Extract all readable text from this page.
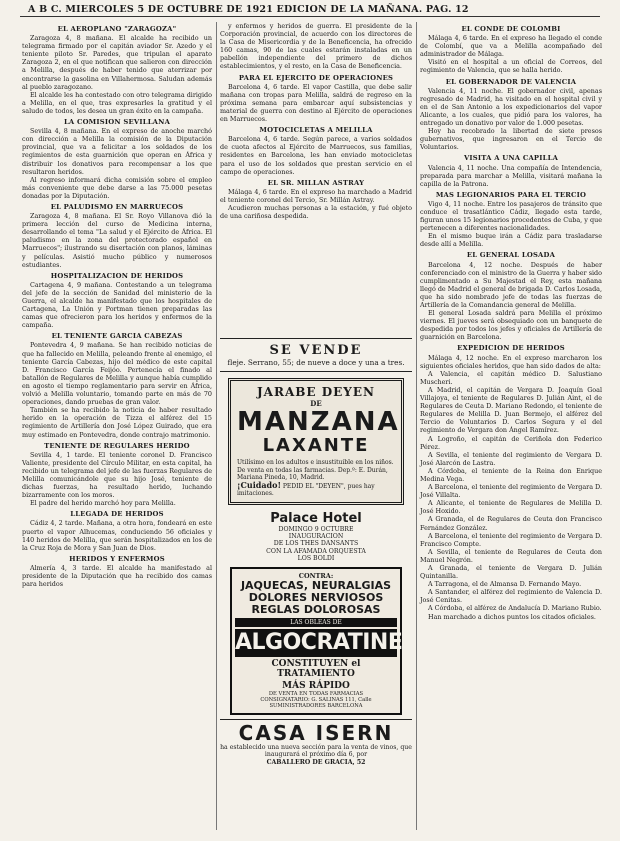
A B C. MIERCOLES 5 DE OCTUBRE DE 1921 EDICION DE LA MAÑANA. PAG. 12
EL AEROPLANO "ZARAGOZA"
Zaragoza 4, 8 mañana. El alcalde ha recibido un telegrama firmado por el capitán aviador Sr. Azedo y el teniente piloto Sr. Paredes, que tripulan el aparato Zaragoza 2, en el que notifican que salieron con dirección a Melilla, después de haber tenido que aterrizar por encontrarse la gasolina en Villahermosa. Saludan además al pueblo zaragozano.
El alcalde les ha contestado con otro telegrama dirigido a Melilla, en el que, tras expresarles la gratitud y el saludo de todos, les desea un gran éxito en la campaña.
LA COMISION SEVILLANA
Sevilla 4, 8 mañana. En el expreso de anoche marchó con dirección a Melilla la comisión de la Diputación provincial, que va a felicitar a los soldados de los regimientos de esta guarnición que operan en África y distribuir los donativos para recompensar a los que resultaron heridos.
Al regreso informará dicha comisión sobre el empleo más conveniente que debe darse a las 75.000 pesetas donadas por la Diputación.
EL PALUDISMO EN MARRUECOS
Zaragoza 4, 8 mañana. El Sr. Royo Villanova dió la primera lección del curso de Medicina interna, desarrollando el tema "La salud y el Ejército de África. El paludismo en la zona del protectorado español en Marruecos"; ilustrando su disertación con planos, láminas y películas. Asistió mucho público y numerosos estudiantes.
HOSPITALIZACION DE HERIDOS
Cartagena 4, 9 mañana. Contestando a un telegrama del jefe de la sección de Sanidad del ministerio de la Guerra, el alcalde ha manifestado que los hospitales de Cartagena, La Unión y Portman tienen preparadas las camas que ofrecieron para los heridos y enfermos de la campaña.
EL TENIENTE GARCIA CABEZAS
Pontevedra 4, 9 mañana. Se han recibido noticias de que ha fallecido en Melilla, peleando frente al enemigo, el teniente García Cabezas, hijo del médico de este capital D. Francisco García Feijóo. Pertenecía el finado al batallón de Regulares de Melilla y aunque había cumplido en agosto el tiempo reglamentario para servir en África, volvió a Melilla voluntario, tomando parte en más de 70 operaciones, dando pruebas de gran valor.
También se ha recibido la noticia de haber resultado herido en la operación de Tizza el alférez del 15 regimiento de Artillería don José López Guirado, que era muy estimado en Pontevedra, donde contrajo matrimonio.
TENIENTE DE REGULARES HERIDO
Sevilla 4, 1 tarde. El teniente coronel D. Francisco Valiente, presidente del Círculo Militar, en esta capital, ha recibido un telegrama del jefe de las fuerzas Regulares de Melilla comunicándole que su hijo José, teniente de dichas fuerzas, ha resultado herido, luchando bizarramente con los moros.
El padre del herido marchó hoy para Melilla.
LLEGADA DE HERIDOS
Cádiz 4, 2 tarde. Mañana, a otra hora, fondeará en este puerto el vapor Alhucemas, conduciendo 56 oficiales y 140 heridos de Melilla, que serán hospitalizados en los de la Cruz Roja de Mora y San Juan de Dios.
HERIDOS Y ENFERMOS
Almería 4, 3 tarde. El alcalde ha manifestado al presidente de la Diputación que ha recibido dos camas para heridos
y enfermos y heridos de guerra. El presidente de la Corporación provincial, de acuerdo con los directores de la Casa de Misericordia y de la Beneficencia, ha ofrecido 160 camas, 90 de las cuales estarán instaladas en un pabellón independiente del primero de dichos establecimientos, y el resto, en la Casa de Beneficencia.
PARA EL EJERCITO DE OPERACIONES
Barcelona 4, 6 tarde. El vapor Castilla, que debe salir mañana con tropas para Melilla, saldrá de regreso en la próxima semana para embarcar aquí subsistencias y material de guerra con destino al Ejército de operaciones en Marruecos.
MOTOCICLETAS A MELILLA
Barcelona 4, 6 tarde. Según parece, a varios soldados de cuota afectos al Ejército de Marruecos, sus familias, residentes en Barcelona, les han enviado motocicletas para el uso de los soldados que prestan servicio en el campo de operaciones.
EL SR. MILLAN ASTRAY
Málaga 4, 6 tarde. En el expreso ha marchado a Madrid el teniente coronel del Tercio, Sr. Millán Astray.
Acudieron muchas personas a la estación, y fué objeto de una cariñosa despedida.
EL CONDE DE COLOMBI
Málaga 4, 6 tarde. En el expreso ha llegado el conde de Colombí, que va a Melilla acompañado del administrador de Málaga.
Visitó en el hospital a un oficial de Correos, del regimiento de Valencia, que se halla herido.
EL GOBERNADOR DE VALENCIA
Valencia 4, 11 noche. El gobernador civil, apenas regresado de Madrid, ha visitado en el hospital civil y en el de San Antonio a los expedicionarios del vapor Alicante, a los cuales, que pidió para los valores, ha entregado un donativo por valor de 1.000 pesetas.
Hoy ha recobrado la libertad de siete presos gubernativos, que ingresaron en el Tercio de Voluntarios.
VISITA A UNA CAPILLA
Valencia 4, 11 noche. Una compañía de Intendencia, preparada para marchar a Melilla, visitará mañana la capilla de la Patrona.
MAS LEGIONARIOS PARA EL TERCIO
Vigo 4, 11 noche. Entre los pasajeros de tránsito que conduce el trasatlántico Cádiz, llegado esta tarde, figuran unos 15 legionarios procedentes de Cuba, y que pertenecen a diferentes nacionalidades.
En el mismo buque irán a Cádiz para trasladarse desde allí a Melilla.
EL GENERAL LOSADA
Barcelona 4, 12 noche. Después de haber conferenciado con el ministro de la Guerra y haber sido cumplimentado a Su Majestad el Rey, esta mañana llegó de Madrid el general de brigada D. Carlos Losada, que ha sido nombrado jefe de todas las fuerzas de Artillería de la Comandancia general de Melilla.
El general Losada saldrá para Melilla el próximo viernes. El jueves será obsequiado con un banquete de despedida por todos los jefes y oficiales de Artillería de guarnición en Barcelona.
EXPEDICION DE HERIDOS
Málaga 4, 12 noche. En el expreso marcharon los siguientes oficiales heridos, que han sido dados de alta:
A Valencia, el capitán médico D. Salustiano Muscheri.
A Madrid, el capitán de Vergara D. Joaquín Goal Villajoya, el teniente de Regulares D. Julián Aint, el de Regulares de Ceuta D. Mariano Redondo, el teniente de Regulares de Melilla D. Juan Bermejo, el alférez del Tercio de Voluntarios D. Carlos Segura y el del regimiento de Vergara don Ángel Ramírez.
A Logroño, el capitán de Ceriñola don Federico Pérez.
A Sevilla, el teniente del regimiento de Vergara D. José Alarcón de Lastra.
A Córdoba, el teniente de la Reina don Enrique Medina Vega.
A Barcelona, el teniente del regimiento de Vergara D. José Villalta.
A Alicante, el teniente de Regulares de Melilla D. José Hoxido.
A Granada, el de Regulares de Ceuta don Francisco Fernández González.
A Barcelona, el teniente del regimiento de Vergara D. Francisco Compte.
A Sevilla, el teniente de Regulares de Ceuta don Manuel Negrón.
A Granada, el teniente de Vergara D. Julián Quintanilla.
A Tarragona, el de Almansa D. Fernando Mayo.
A Santander, el alférez del regimiento de Valencia D. José Cenitas.
A Córdoba, el alférez de Andalucía D. Mariano Rubio.
Han marchado a dichos puntos los citados oficiales.
SE VENDE
fleje. Serrano, 55; de nueve a doce y una a tres.
JARABE DEYEN
DE
MANZANA
LAXANTE
Utilísimo en los adultos e insustituible en los niños. De venta en todas las farmacias. Dep.º: E. Durán, Mariana Pineda, 10, Madrid.
¡Cuidado! PEDID EL "DEYEN", pues hay imitaciones.
Palace Hotel
DOMINGO 9 OCTUBRE
INAUGURACION
DE LOS THES DANSANTS
CON LA AFAMADA ORQUESTA
LOS BOLDI
CONTRA:
JAQUECAS, NEURALGIAS
DOLORES NERVIOSOS
REGLAS DOLOROSAS
LAS OBLEAS DE
ALGOCRATINE
CONSTITUYEN el TRATAMIENTO
MÁS RÁPIDO
DE VENTA EN TODAS FARMACIAS
CONSIGNATARIO: G. SALINAS 111, Calle SUMINISTRADORES BARCELONA
CASA ISERN
ha establecido una nueva sección para la venta de vinos, que inaugurará el próximo día 6, por
CABALLERO DE GRACIA, 52
